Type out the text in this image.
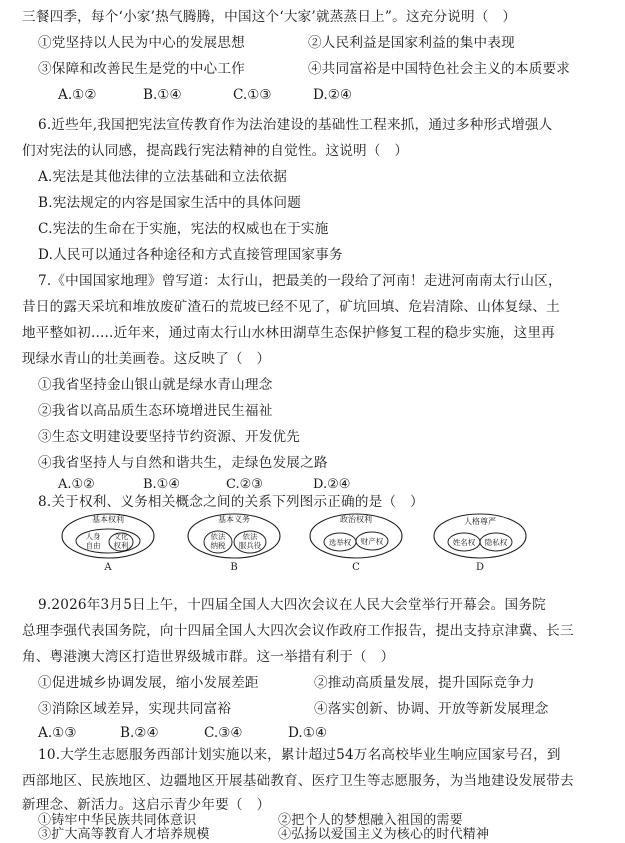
三餐四季，每个‘小家’热气腾腾，中国这个‘大家’就蒸蒸日上”。这充分说明（　）
①党坚持以人民为中心的发展思想	②人民利益是国家利益的集中表现
③保障和改善民生是党的中心工作	④共同富裕是中国特色社会主义的本质要求
A.①②	B.①④	C.①③	D.②④
6.近些年,我国把宪法宣传教育作为法治建设的基础性工程来抓，通过多种形式增强人
们对宪法的认同感，提高践行宪法精神的自觉性。这说明（　）
A.宪法是其他法律的立法基础和立法依据
B.宪法规定的内容是国家生活中的具体问题
C.宪法的生命在于实施，宪法的权威也在于实施
D.人民可以通过各种途径和方式直接管理国家事务
7.《中国国家地理》曾写道：太行山，把最美的一段给了河南！走进河南南太行山区，
昔日的露天采坑和堆放废矿渣石的荒坡已经不见了，矿坑回填、危岩清除、山体复绿、土
地平整如初.....近年来，通过南太行山水林田湖草生态保护修复工程的稳步实施，这里再
现绿水青山的壮美画卷。这反映了（　）
①我省坚持金山银山就是绿水青山理念
②我省以高品质生态环境增进民生福祉
③生态文明建设要坚持节约资源、开发优先
④我省坚持人与自然和谐共生，走绿色发展之路
A.①②	B.①④	C.②③	D.②④
8.关于权利、义务相关概念之间的关系下列图示正确的是（　）
基本权利
人身
自由
文化
权利
A
基本义务
依法
纳税
依法
服兵役
B
政治权利
选举权 财产权
C
人格尊严
姓名权 隐私权
D
9.2026年3月5日上午，十四届全国人大四次会议在人民大会堂举行开幕会。国务院
总理李强代表国务院，向十四届全国人大四次会议作政府工作报告，提出支持京津冀、长三
角、粤港澳大湾区打造世界级城市群。这一举措有利于（　）
①促进城乡协调发展，缩小发展差距	②推动高质量发展，提升国际竞争力
③消除区域差异，实现共同富裕	④落实创新、协调、开放等新发展理念
A.①③	B.②④	C.③④	D.①④
10.大学生志愿服务西部计划实施以来，累计超过54万名高校毕业生响应国家号召，到
西部地区、民族地区、边疆地区开展基础教育、医疗卫生等志愿服务，为当地建设发展带去
新理念、新活力。这启示青少年要（　）
①铸牢中华民族共同体意识	②把个人的梦想融入祖国的需要
③扩大高等教育人才培养规模	④弘扬以爱国主义为核心的时代精神
